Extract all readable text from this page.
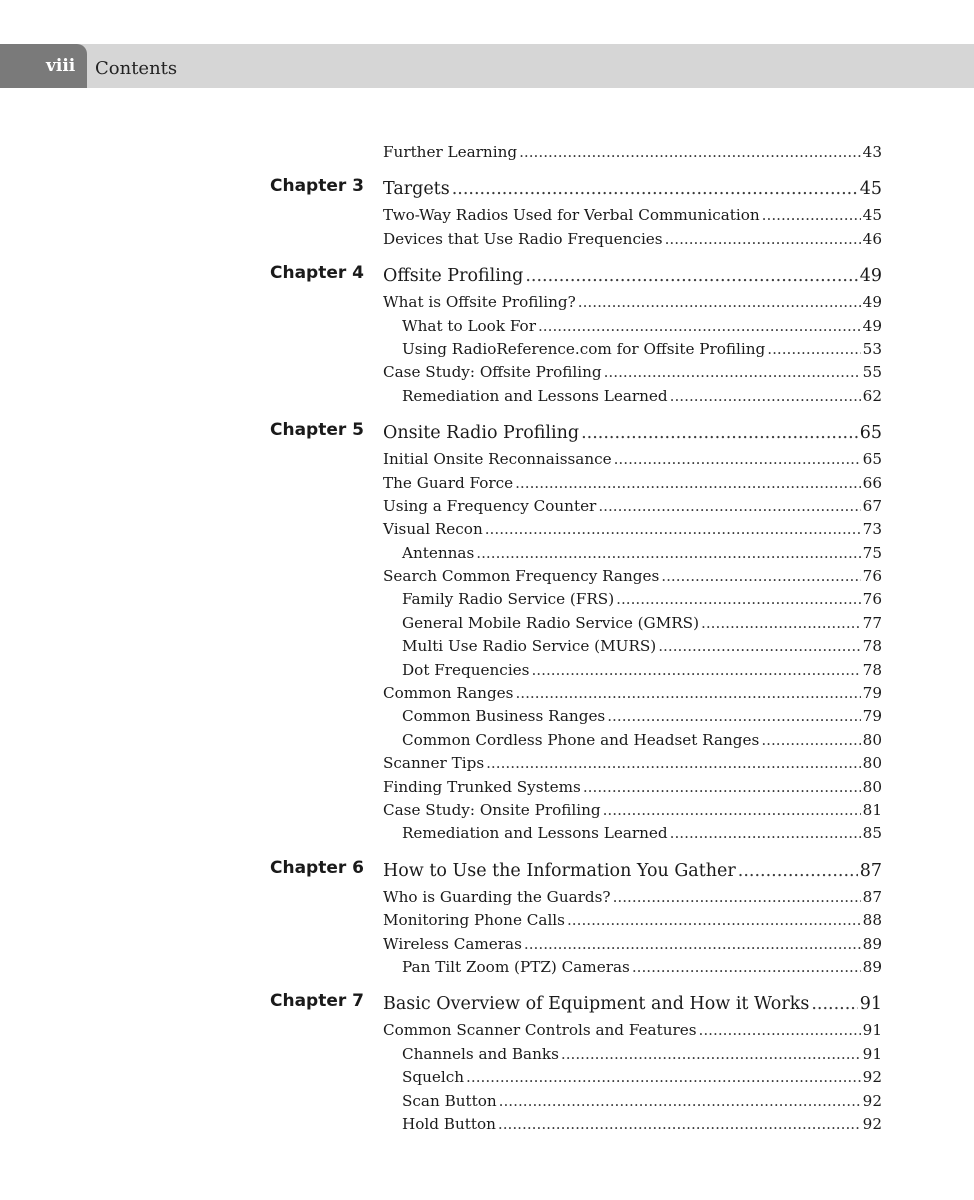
viii	Contents
Further Learning .....	43
Chapter 3 Targets .....	45
Two-Way Radios Used for Verbal Communication .....	45
Devices that Use Radio Frequencies .....	46
Chapter 4 Offsite Profiling .....	49
What is Offsite Profiling? .....	49
What to Look For .....	49
Using RadioReference.com for Offsite Profiling .....	53
Case Study: Offsite Profiling .....	55
Remediation and Lessons Learned .....	62
Chapter 5 Onsite Radio Profiling .....	65
Initial Onsite Reconnaissance .....	65
The Guard Force .....	66
Using a Frequency Counter .....	67
Visual Recon .....	73
Antennas .....	75
Search Common Frequency Ranges .....	76
Family Radio Service (FRS) .....	76
General Mobile Radio Service (GMRS) .....	77
Multi Use Radio Service (MURS) .....	78
Dot Frequencies .....	78
Common Ranges .....	79
Common Business Ranges .....	79
Common Cordless Phone and Headset Ranges .....	80
Scanner Tips .....	80
Finding Trunked Systems .....	80
Case Study: Onsite Profiling .....	81
Remediation and Lessons Learned .....	85
Chapter 6 How to Use the Information You Gather .....	87
Who is Guarding the Guards? .....	87
Monitoring Phone Calls .....	88
Wireless Cameras .....	89
Pan Tilt Zoom (PTZ) Cameras .....	89
Chapter 7 Basic Overview of Equipment and How it Works .....	91
Common Scanner Controls and Features .....	91
Channels and Banks .....	91
Squelch .....	92
Scan Button .....	92
Hold Button .....	92
